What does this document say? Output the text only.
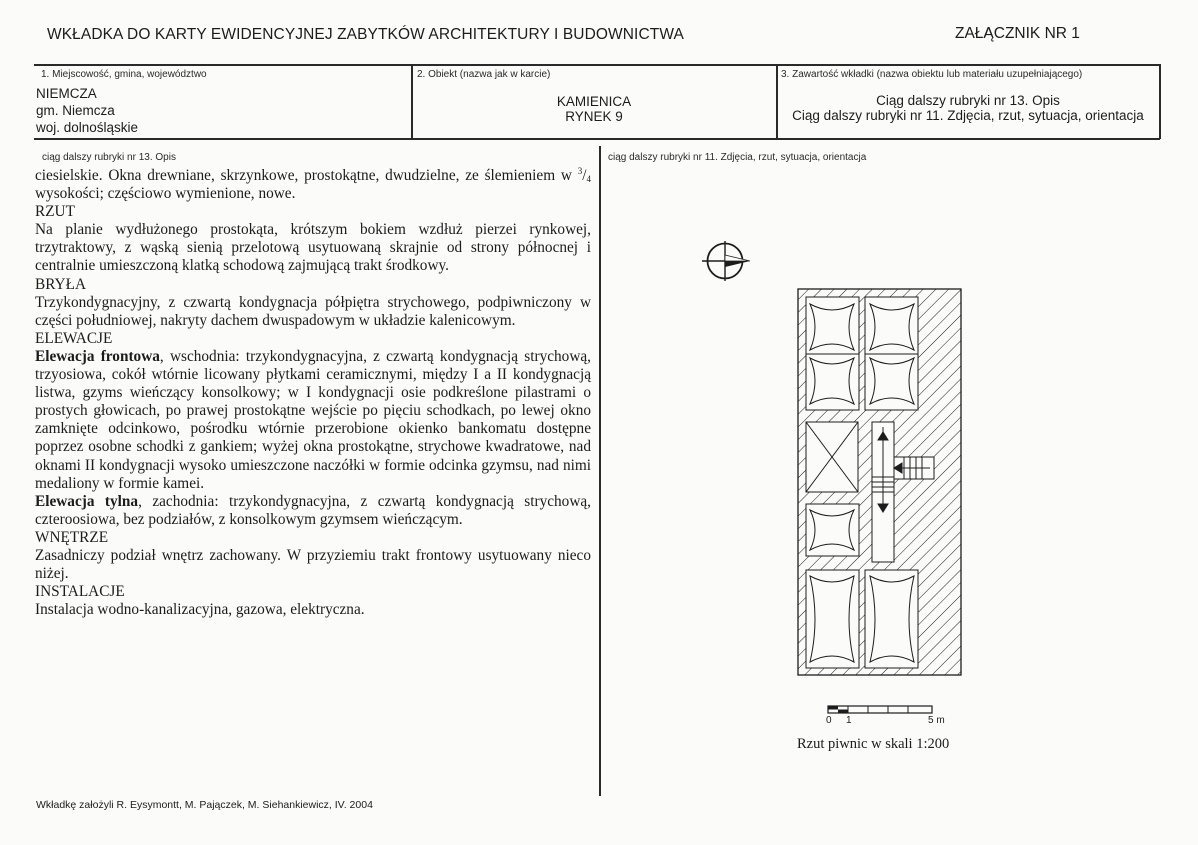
WKŁADKA DO KARTY EWIDENCYJNEJ ZABYTKÓW ARCHITEKTURY I BUDOWNICTWA	ZAŁĄCZNIK NR 1
1. Miejscowość, gmina, województwo
NIEMCZA
gm. Niemcza
woj. dolnośląskie
2. Obiekt (nazwa jak w karcie)
KAMIENICA
RYNEK 9
3. Zawartość wkładki (nazwa obiektu lub materiału uzupełniającego)
Ciąg dalszy rubryki nr 13. Opis
Ciąg dalszy rubryki nr 11. Zdjęcia, rzut, sytuacja, orientacja
ciąg dalszy rubryki nr 13. Opis	ciąg dalszy rubryki nr 11. Zdjęcia, rzut, sytuacja, orientacja

ciesielskie. Okna drewniane, skrzynkowe, prostokątne, dwudzielne, ze ślemieniem w $^3/_4$ wysokości; częściowo wymienione, nowe.

RZUT

Na planie wydłużonego prostokąta, krótszym bokiem wzdłuż pierzei rynkowej, trzytraktowy, z wąską sienią przelotową usytuowaną skrajnie od strony północnej i centralnie umieszczoną klatką schodową zajmującą trakt środkowy.

BRYŁA

Trzykondygnacyjny, z czwartą kondygnacja półpiętra strychowego, podpiwniczony w części południowej, nakryty dachem dwuspadowym w układzie kalenicowym.

ELEWACJE

Elewacja frontowa, wschodnia: trzykondygnacyjna, z czwartą kondygnacją strychową, trzyosiowa, cokół wtórnie licowany płytkami ceramicznymi, między I a II kondygnacją listwa, gzyms wieńczący konsolkowy; w I kondygnacji osie podkreślone pilastrami o prostych głowicach, po prawej prostokątne wejście po pięciu schodkach, po lewej okno zamknięte odcinkowo, pośrodku wtórnie przerobione okienko bankomatu dostępne poprzez osobne schodki z gankiem; wyżej okna prostokątne, strychowe kwadratowe, nad oknami II kondygnacji wysoko umieszczone naczółki w formie odcinka gzymsu, nad nimi medaliony w formie kamei.

Elewacja tylna, zachodnia: trzykondygnacyjna, z czwartą kondygnacją strychową, czteroosiowa, bez podziałów, z konsolkowym gzymsem wieńczącym.

WNĘTRZE

Zasadniczy podział wnętrz zachowany. W przyziemiu trakt frontowy usytuowany nieco niżej.

INSTALACJE

Instalacja wodno-kanalizacyjna, gazowa, elektryczna.

0 1	5 m
Rzut piwnic w skali 1:200
Wkładkę założyli R. Eysymontt, M. Pajączek, M. Siehankiewicz, IV. 2004
